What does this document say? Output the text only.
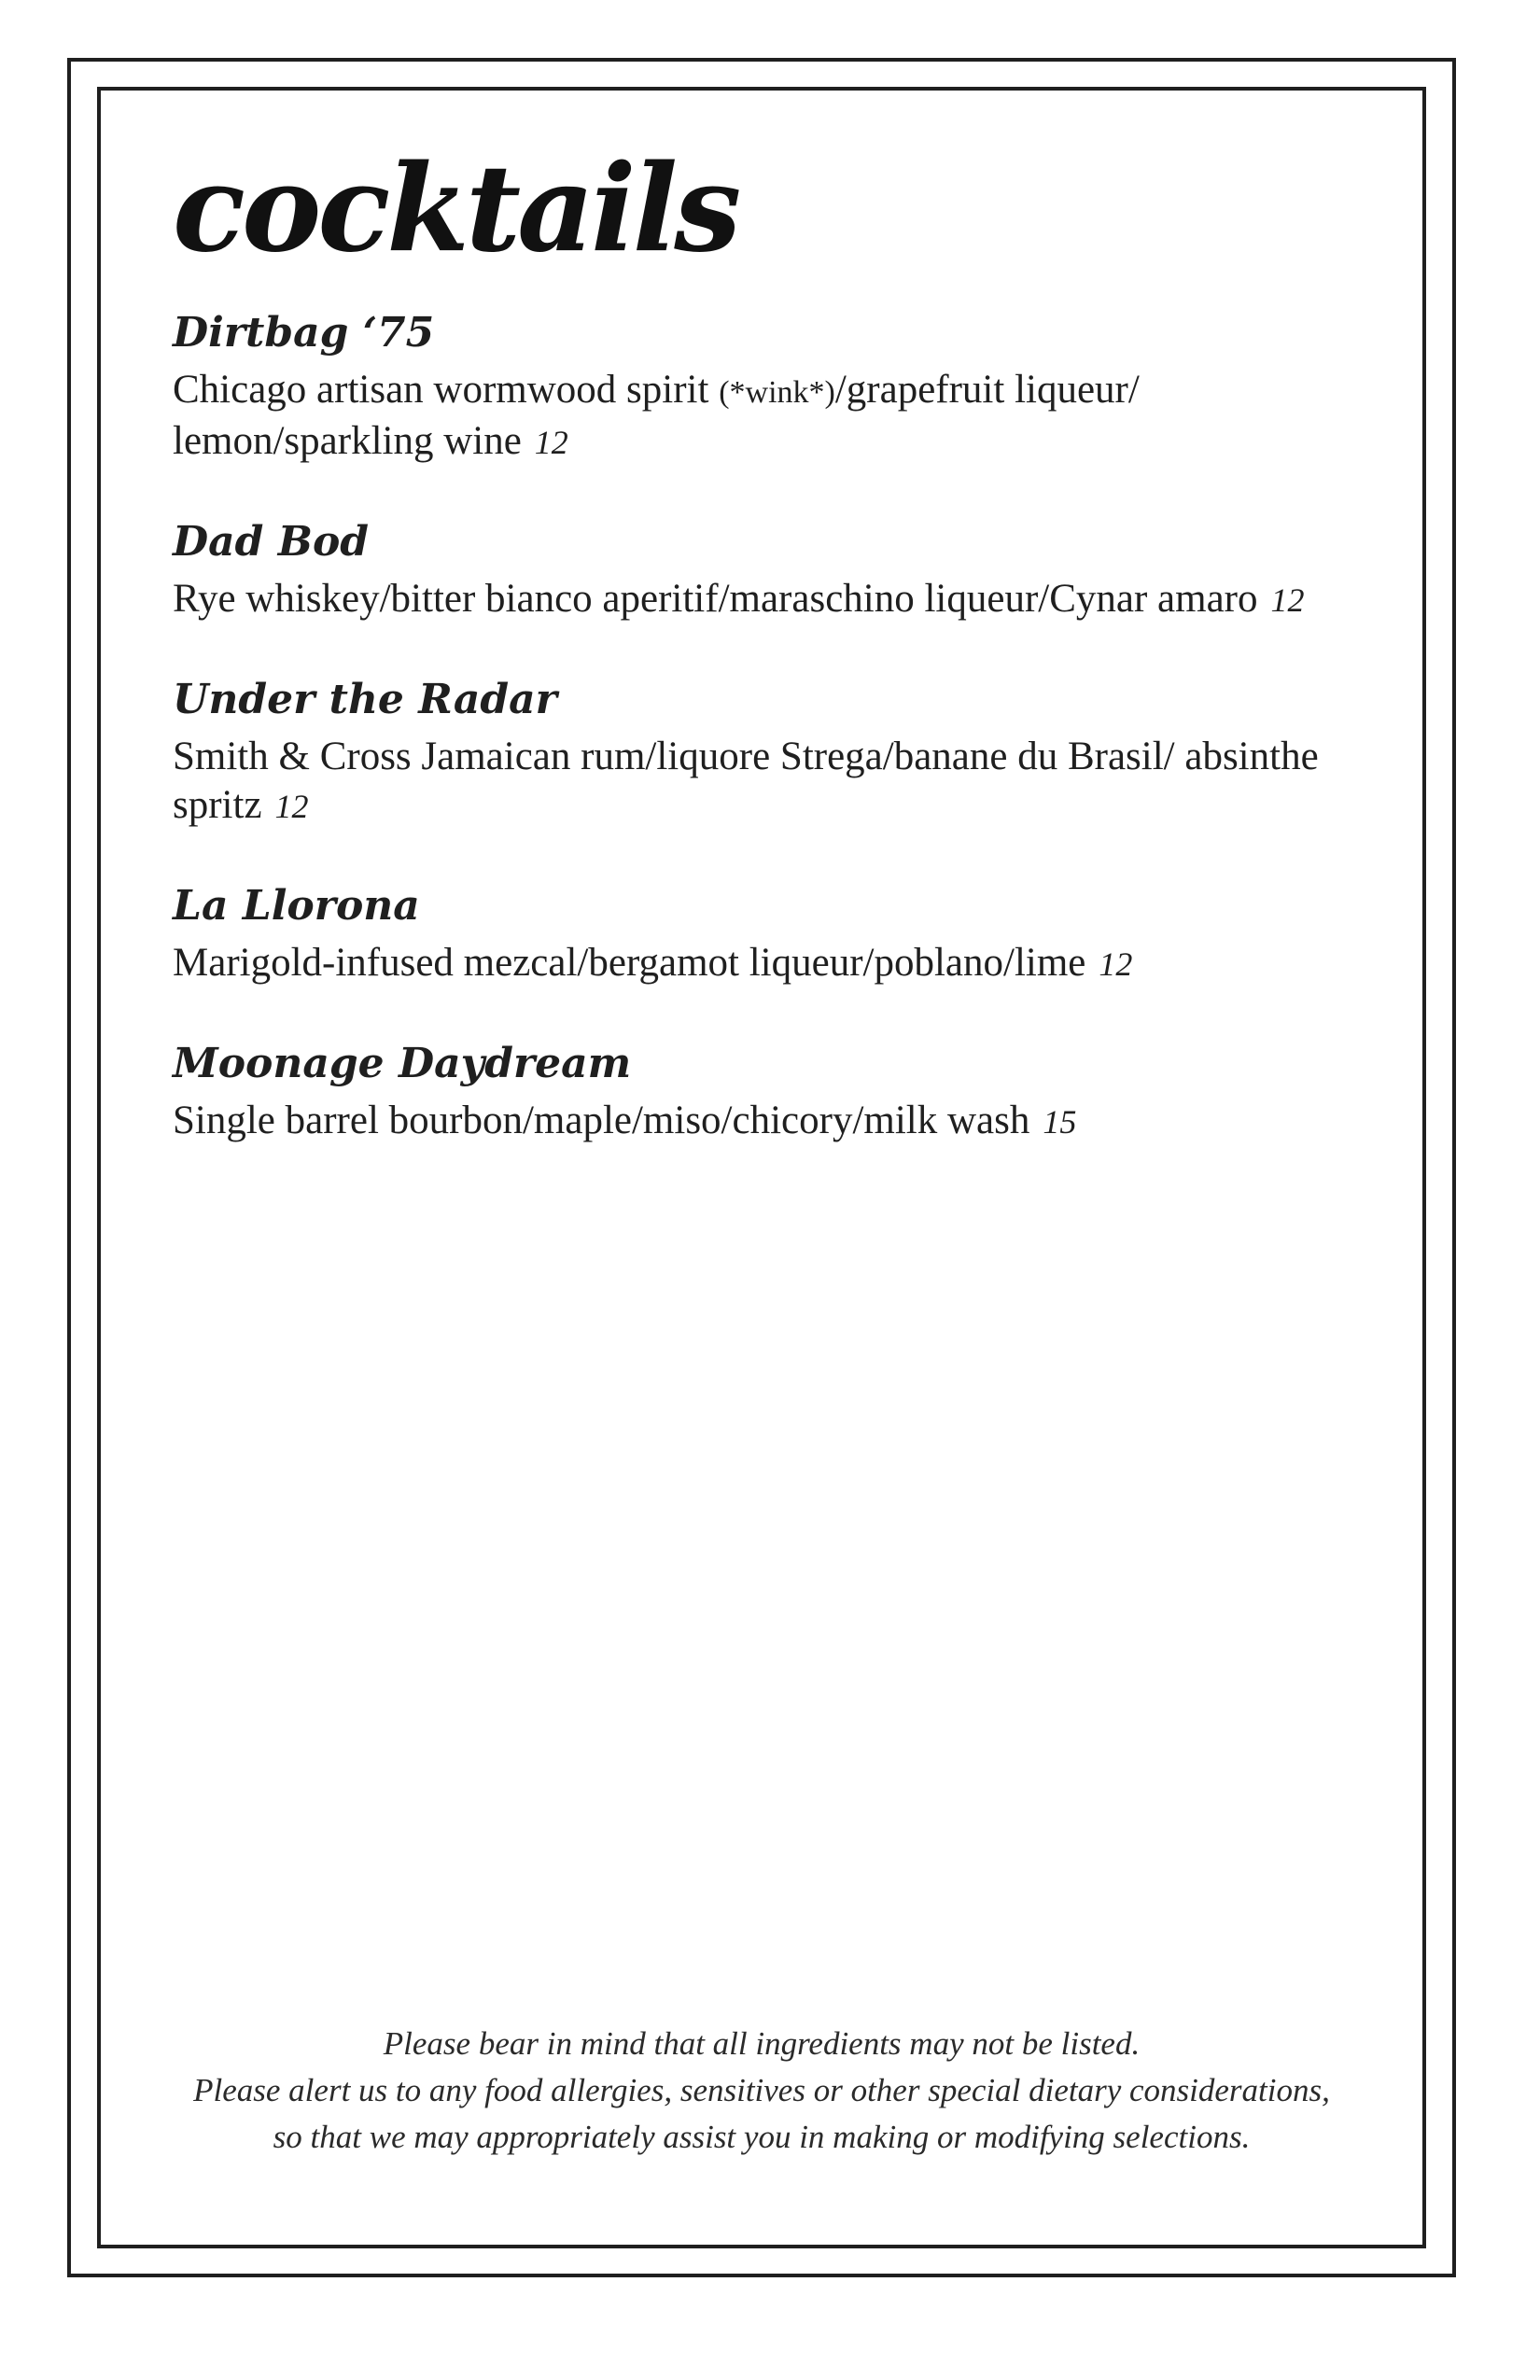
cocktails

Dirtbag ‘75

Chicago artisan wormwood spirit (*wink*)/grapefruit liqueur/ lemon/sparkling wine 12

Dad Bod

Rye whiskey/bitter bianco aperitif/maraschino liqueur/Cynar amaro 12

Under the Radar

Smith & Cross Jamaican rum/liquore Strega/banane du Brasil/ absinthe spritz 12

La Llorona

Marigold-infused mezcal/bergamot liqueur/poblano/lime 12

Moonage Daydream

Single barrel bourbon/maple/miso/chicory/milk wash 15

Please bear in mind that all ingredients may not be listed.

Please alert us to any food allergies, sensitives or other special dietary considerations,

so that we may appropriately assist you in making or modifying selections.
